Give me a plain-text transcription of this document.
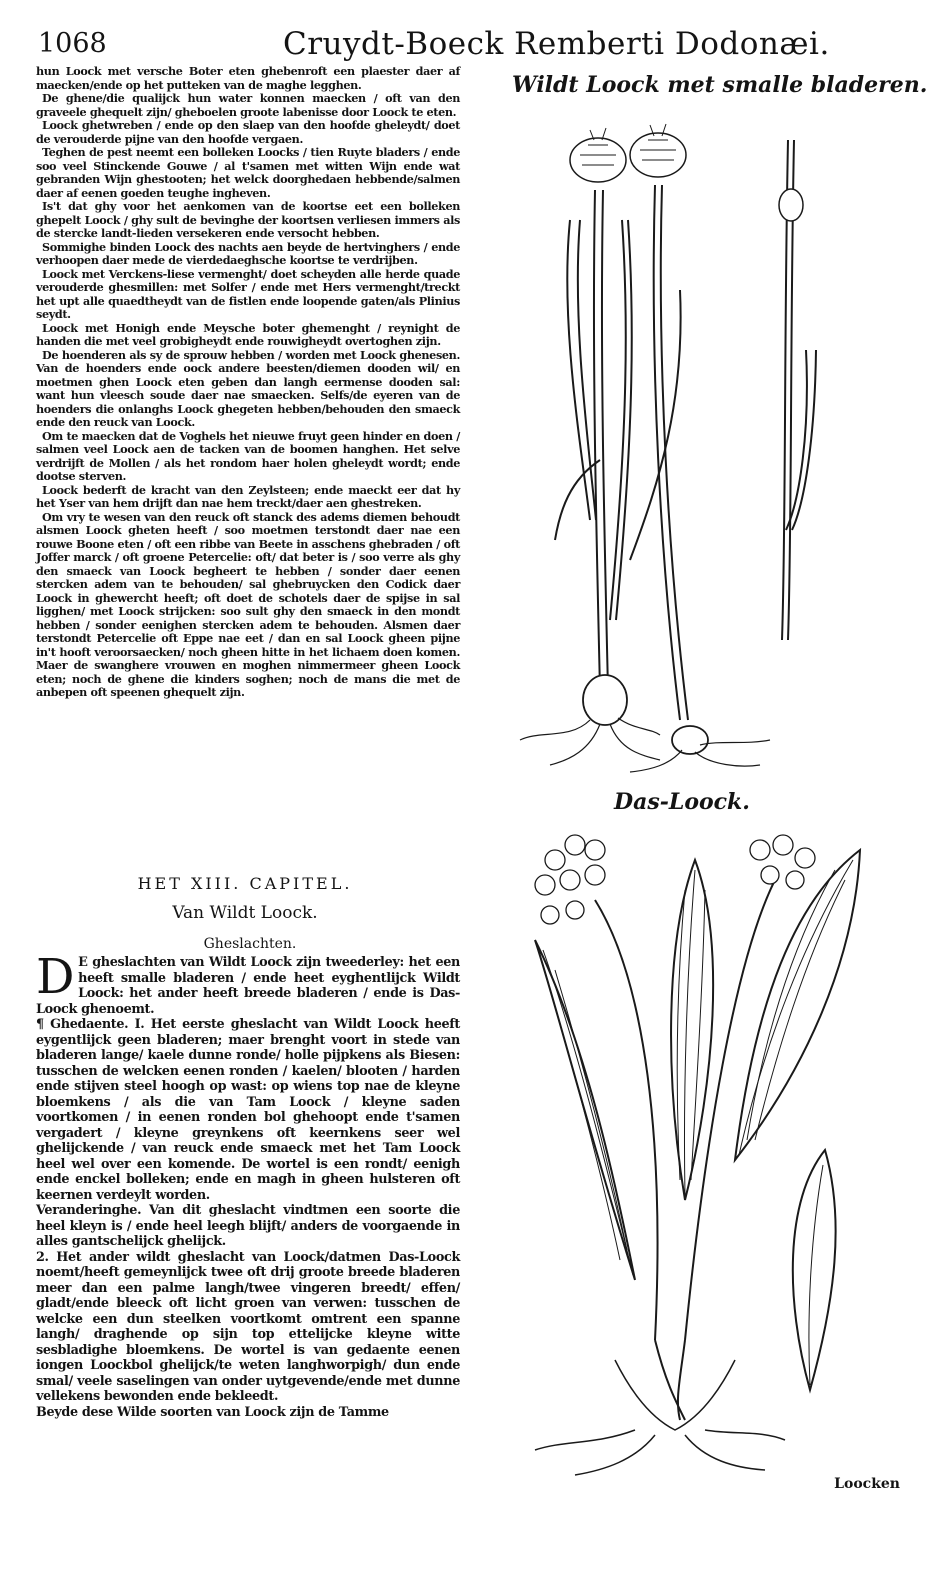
1068	Cruydt-Boeck Remberti Dodonæi.

hun Loock met versche Boter eten ghebenroft een plaester daer af maecken/ende op het putteken van de maghe legghen.

De ghene/die qualijck hun water konnen maecken / oft van den graveele ghequelt zijn/ gheboelen groote labenisse door Loock te eten.

Loock ghetwreben / ende op den slaep van den hoofde gheleydt/ doet de verouderde pijne van den hoofde vergaen.

Teghen de pest neemt een bolleken Loocks / tien Ruyte bladers / ende soo veel Stinckende Gouwe / al t'samen met witten Wijn ende wat gebranden Wijn ghestooten; het welck doorghedaen hebbende/salmen daer af eenen goeden teughe ingheven.

Is't dat ghy voor het aenkomen van de koortse eet een bolleken ghepelt Loock / ghy sult de bevinghe der koortsen verliesen immers als de stercke landt-lieden versekeren ende versocht hebben.

Sommighe binden Loock des nachts aen beyde de hertvinghers / ende verhoopen daer mede de vierdedaeghsche koortse te verdrijben.

Loock met Verckens-liese vermenght/ doet scheyden alle herde quade verouderde ghesmillen: met Solfer / ende met Hers vermenght/treckt het upt alle quaedtheydt van de fistlen ende loopende gaten/als Plinius seydt.

Loock met Honigh ende Meysche boter ghemenght / reynight de handen die met veel grobigheydt ende rouwigheydt overtoghen zijn.

De hoenderen als sy de sprouw hebben / worden met Loock ghenesen. Van de hoenders ende oock andere beesten/diemen dooden wil/ en moetmen ghen Loock eten geben dan langh eermense dooden sal: want hun vleesch soude daer nae smaecken. Selfs/de eyeren van de hoenders die onlanghs Loock ghegeten hebben/behouden den smaeck ende den reuck van Loock.

Om te maecken dat de Voghels het nieuwe fruyt geen hinder en doen / salmen veel Loock aen de tacken van de boomen hanghen. Het selve verdrijft de Mollen / als het rondom haer holen gheleydt wordt; ende dootse sterven.

Loock bederft de kracht van den Zeylsteen; ende maeckt eer dat hy het Yser van hem drijft dan nae hem treckt/daer aen ghestreken.

Om vry te wesen van den reuck oft stanck des adems diemen behoudt alsmen Loock gheten heeft / soo moetmen terstondt daer nae een rouwe Boone eten / oft een ribbe van Beete in asschens ghebraden / oft Joffer marck / oft groene Petercelie: oft/ dat beter is / soo verre als ghy den smaeck van Loock begheert te hebben / sonder daer eenen stercken adem van te behouden/ sal ghebruycken den Codick daer Loock in ghewercht heeft; oft doet de schotels daer de spijse in sal ligghen/ met Loock strijcken: soo sult ghy den smaeck in den mondt hebben / sonder eenighen stercken adem te behouden. Alsmen daer terstondt Petercelie oft Eppe nae eet / dan en sal Loock gheen pijne in't hooft veroorsaecken/ noch gheen hitte in het lichaem doen komen. Maer de swanghere vrouwen en moghen nimmermeer gheen Loock eten; noch de ghene die kinders soghen; noch de mans die met de anbepen oft speenen ghequelt zijn.

HET XIII. CAPITEL.
Van Wildt Loock.
Gheslachten.

D E gheslachten van Wildt Loock zijn tweederley: het een heeft smalle bladeren / ende heet eyghentlijck Wildt Loock: het ander heeft breede bladeren / ende is Das-Loock ghenoemt.

¶ Ghedaente. I. Het eerste gheslacht van Wildt Loock heeft eygentlijck geen bladeren; maer brenght voort in stede van bladeren lange/ kaele dunne ronde/ holle pijpkens als Biesen: tusschen de welcken eenen ronden / kaelen/ blooten / harden ende stijven steel hoogh op wast: op wiens top nae de kleyne bloemkens / als die van Tam Loock / kleyne saden voortkomen / in eenen ronden bol ghehoopt ende t'samen vergadert / kleyne greynkens oft keernkens seer wel ghelijckende / van reuck ende smaeck met het Tam Loock heel wel over een komende. De wortel is een rondt/ eenigh ende enckel bolleken; ende en magh in gheen hulsteren oft keernen verdeylt worden.

Veranderinghe. Van dit gheslacht vindtmen een soorte die heel kleyn is / ende heel leegh blijft/ anders de voorgaende in alles gantschelijck ghelijck.

2. Het ander wildt gheslacht van Loock/datmen Das-Loock noemt/heeft gemeynlijck twee oft drij groote breede bladeren meer dan een palme langh/twee vingeren breedt/ effen/ gladt/ende bleeck oft licht groen van verwen: tusschen de welcke een dun steelken voortkomt omtrent een spanne langh/ draghende op sijn top ettelijcke kleyne witte sesbladighe bloemkens. De wortel is van gedaente eenen iongen Loockbol ghelijck/te weten langhworpigh/ dun ende smal/ veele saselingen van onder uytgevende/ende met dunne vellekens bewonden ende bekleedt.

Beyde dese Wilde soorten van Loock zijn de Tamme

Loocken
Wildt Loock met smalle bladeren.
Das-Loock.
